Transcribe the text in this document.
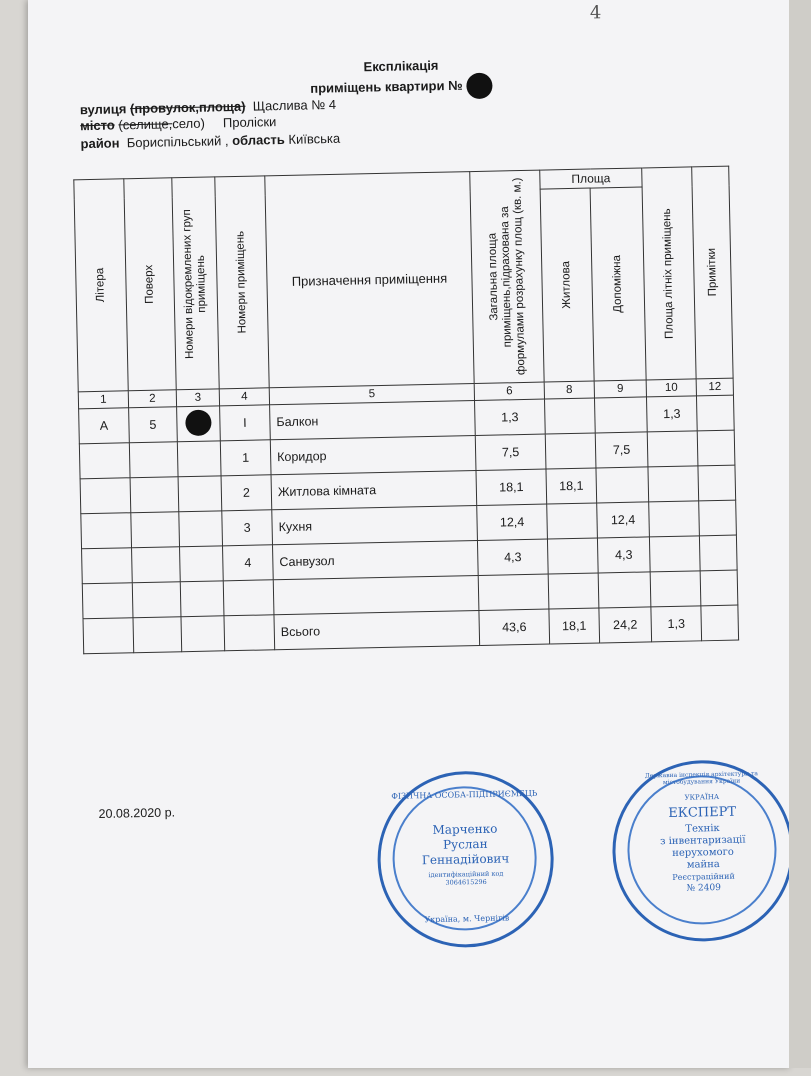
4
Експлікація
приміщень квартири №
вулиця (провулок,площа) Щаслива № 4
місто (селище,село) Пролiски
район Бориспільський , область Київська
Літера	Поверх	Номери відокремлених груп приміщень	Номери приміщень	Призначення приміщення	Загальна площа приміщень,підрахована за формулами розрахунку площ (кв. м.)	Площа		Площа літніх приміщень	Примітки

						Житлова	Допоміжна		

1	2	3	4	5	6	8	9	10	12
А	5		І	Балкон	1,3			1,3	
			1	Коридор	7,5		7,5		
			2	Житлова кімната	18,1	18,1			
			3	Кухня	12,4		12,4		
			4	Санвузол	4,3		4,3		

				Всього	43,6	18,1	24,2	1,3	
20.08.2020 р.
ФІЗИЧНА ОСОБА-ПІДПРИЄМЕЦЬ
Марченко
Руслан
Геннадійович
ідентифікаційний код 3064615296
Україна, м. Чернігів
Державна інспекція архітектури та містобудування України
УКРАЇНА
ЕКСПЕРТ
Технік
з інвентаризації
нерухомого
майна
Реєстраційний
№ 2409
